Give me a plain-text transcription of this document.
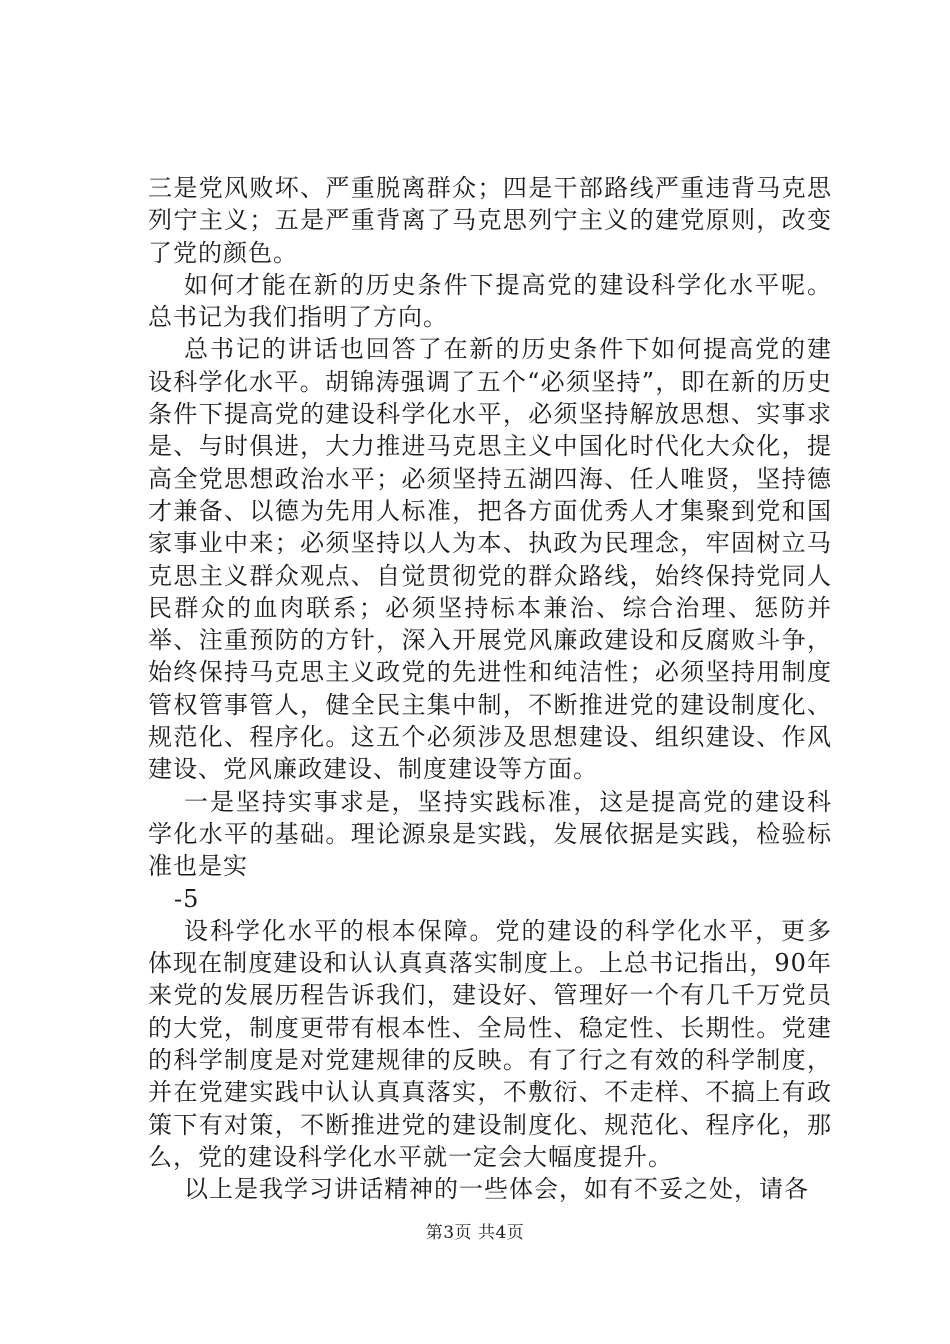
三是党风败坏、严重脱离群众；四是干部路线严重违背马克思列宁主义；五是严重背离了马克思列宁主义的建党原则，改变了党的颜色。

如何才能在新的历史条件下提高党的建设科学化水平呢。总书记为我们指明了方向。

总书记的讲话也回答了在新的历史条件下如何提高党的建设科学化水平。胡锦涛强调了五个“必须坚持”，即在新的历史条件下提高党的建设科学化水平，必须坚持解放思想、实事求是、与时俱进，大力推进马克思主义中国化时代化大众化，提高全党思想政治水平；必须坚持五湖四海、任人唯贤，坚持德才兼备、以德为先用人标准，把各方面优秀人才集聚到党和国家事业中来；必须坚持以人为本、执政为民理念，牢固树立马克思主义群众观点、自觉贯彻党的群众路线，始终保持党同人民群众的血肉联系；必须坚持标本兼治、综合治理、惩防并举、注重预防的方针，深入开展党风廉政建设和反腐败斗争，始终保持马克思主义政党的先进性和纯洁性；必须坚持用制度管权管事管人，健全民主集中制，不断推进党的建设制度化、规范化、程序化。这五个必须涉及思想建设、组织建设、作风建设、党风廉政建设、制度建设等方面。

一是坚持实事求是，坚持实践标准，这是提高党的建设科学化水平的基础。理论源泉是实践，发展依据是实践，检验标准也是实

-5

设科学化水平的根本保障。党的建设的科学化水平，更多体现在制度建设和认认真真落实制度上。上总书记指出，90年来党的发展历程告诉我们，建设好、管理好一个有几千万党员的大党，制度更带有根本性、全局性、稳定性、长期性。党建的科学制度是对党建规律的反映。有了行之有效的科学制度，并在党建实践中认认真真落实，不敷衍、不走样、不搞上有政策下有对策，不断推进党的建设制度化、规范化、程序化，那么，党的建设科学化水平就一定会大幅度提升。

以上是我学习讲话精神的一些体会，如有不妥之处，请各

第3页 共4页
